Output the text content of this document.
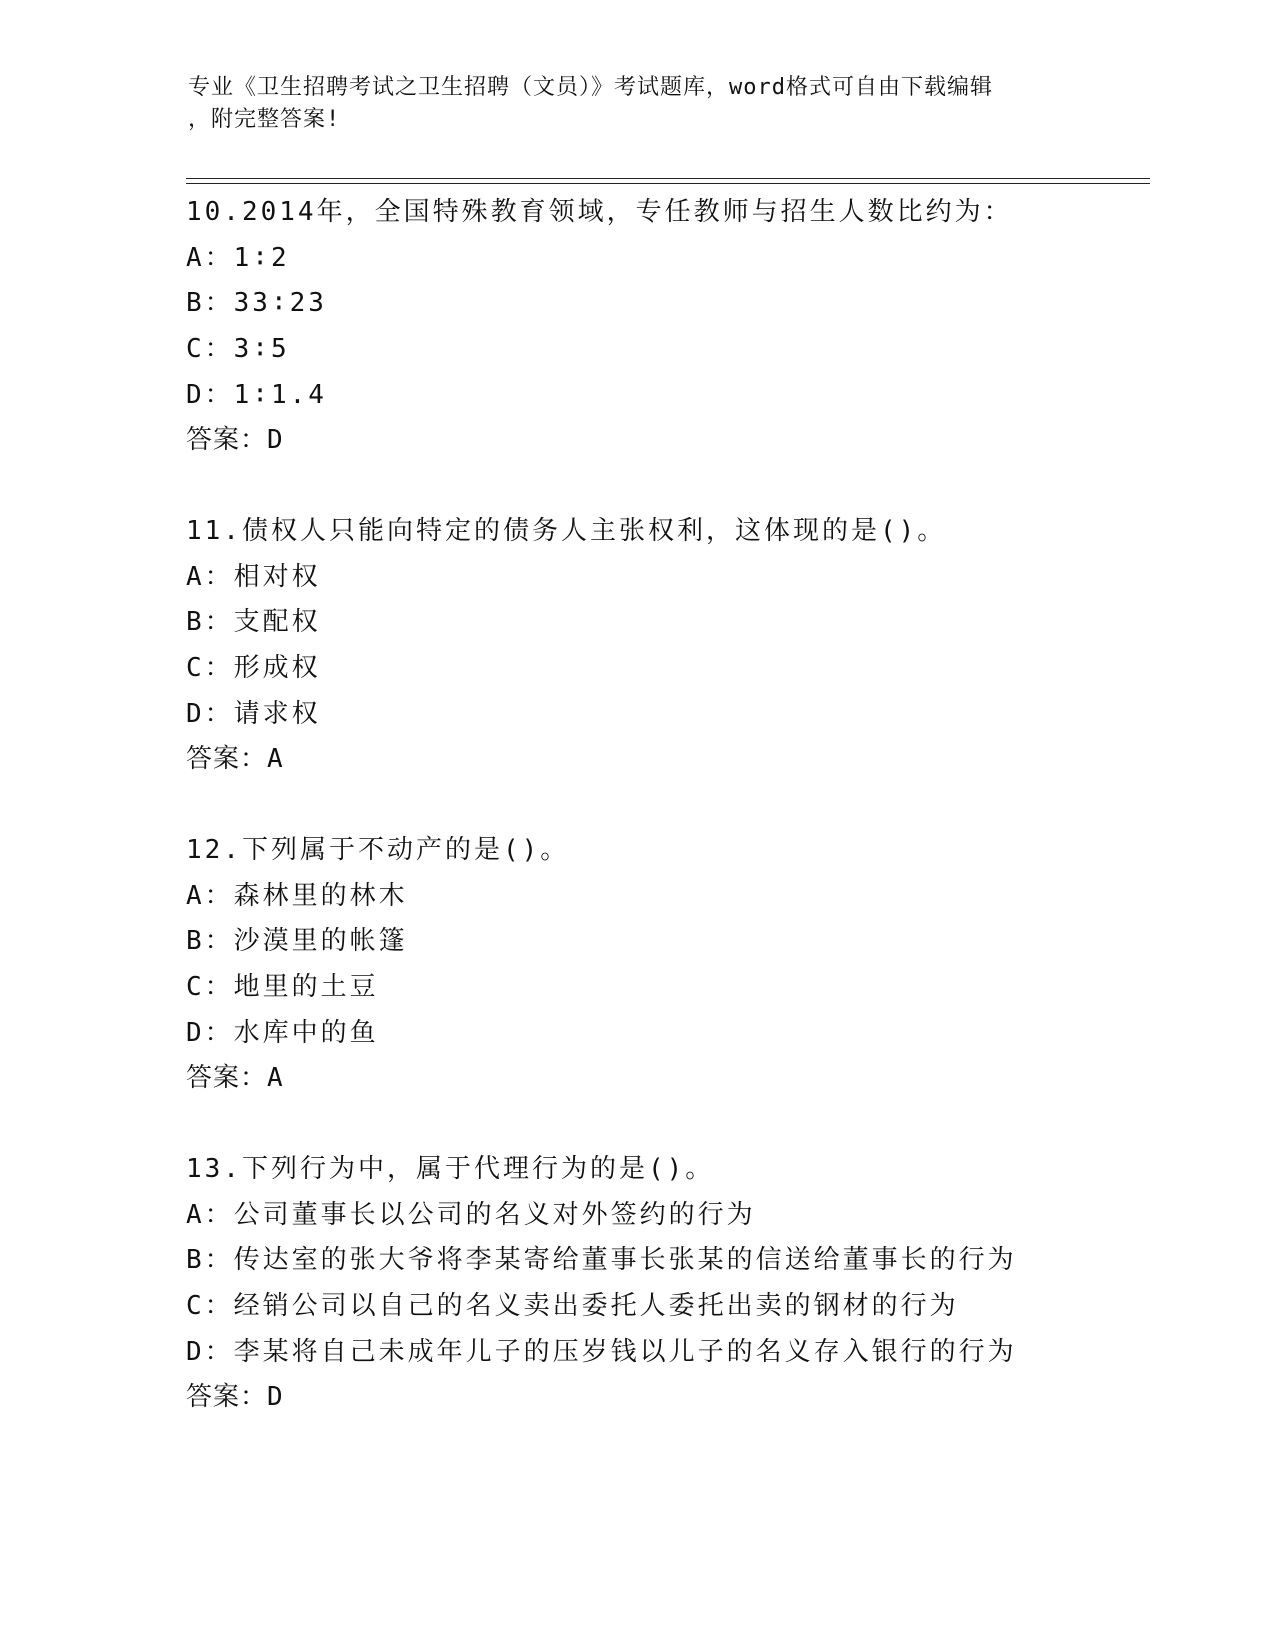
专业《卫生招聘考试之卫生招聘（文员）》考试题库，word格式可自由下载编辑
，附完整答案!
10.2014年，全国特殊教育领域，专任教师与招生人数比约为：
A：1∶2
B：33∶23
C：3∶5
D：1∶1.4
答案：D
11.债权人只能向特定的债务人主张权利，这体现的是()。
A：相对权
B：支配权
C：形成权
D：请求权
答案：A
12.下列属于不动产的是()。
A：森林里的林木
B：沙漠里的帐篷
C：地里的土豆
D：水库中的鱼
答案：A
13.下列行为中，属于代理行为的是()。
A：公司董事长以公司的名义对外签约的行为
B：传达室的张大爷将李某寄给董事长张某的信送给董事长的行为
C：经销公司以自己的名义卖出委托人委托出卖的钢材的行为
D：李某将自己未成年儿子的压岁钱以儿子的名义存入银行的行为
答案：D
